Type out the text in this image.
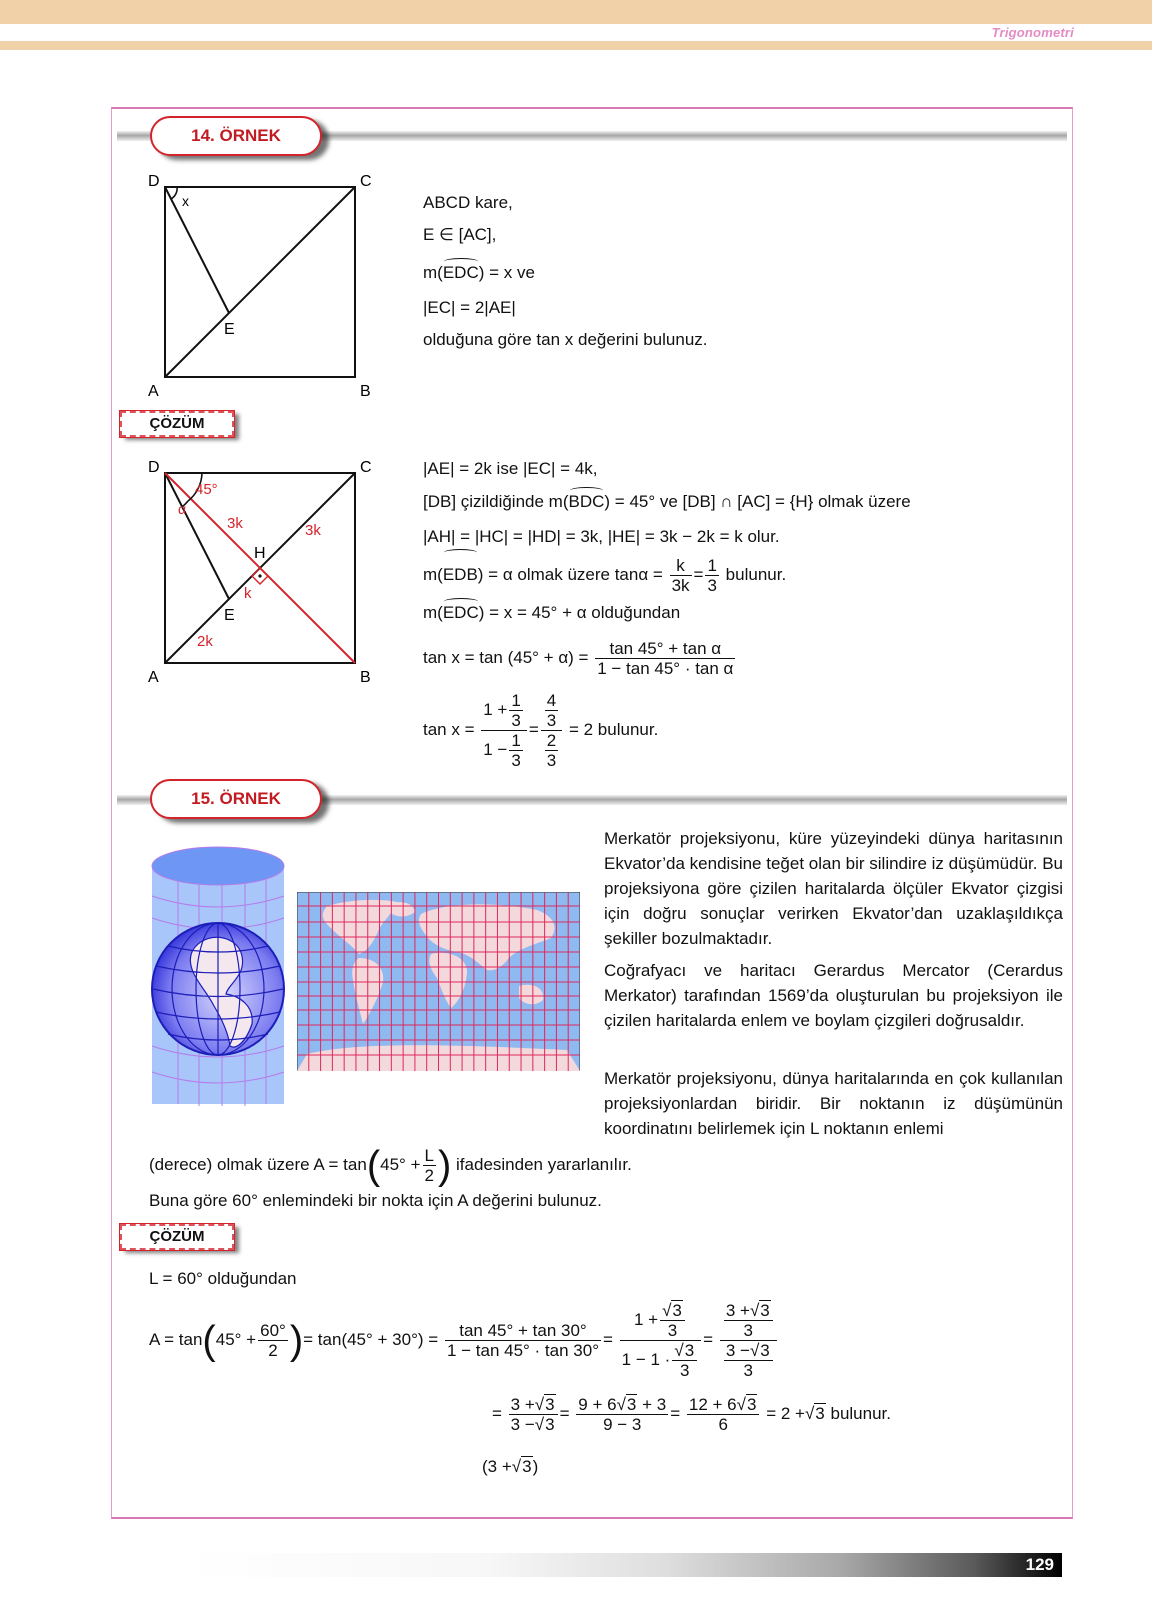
Trigonometri
14. ÖRNEK
D	C
A	B
E
x	ABCD kare,
E ∈ [AC],
m(EDC) = x ve
|EC| = 2|AE|
olduğuna göre tan x değerini bulunuz.
ÇÖZÜM
D	C
A	B
E
H
45°
α
3k	3k
k
2k
|AE| = 2k ise |EC| = 4k,
[DB] çizildiğinde m(BDC) = 45° ve [DB] ∩ [AC] = {H} olmak üzere
|AH| = |HC| = |HD| = 3k, |HE| = 3k − 2k = k olur.
m(EDB) = α olmak üzere $\tan\alpha = \frac{k}{3k} = \frac{1}{3}$ bulunur.
m(EDC) = x = 45° + α olduğundan
$\tan x = \tan (45^\circ + \alpha) = \frac{\text{tan 45° + tan α}}{\text{1 − tan 45° · tan α}}$
$\tan x = \frac{1 + \frac{1}{3}}{1 - \frac{1}{3}} = \frac{\frac{4}{3}}{\frac{2}{3}} = 2$ bulunur.
15. ÖRNEK
Merkatör projeksiyonu, küre yüzeyindeki dünya haritasının Ekvator’da kendisine teğet olan bir silindire iz düşümüdür. Bu projeksiyona göre çizilen haritalarda ölçüler Ekvator çizgisi için doğru sonuçlar verirken Ekvator’dan uzaklaşıldıkça şekiller bozulmaktadır.
Coğrafyacı ve haritacı Gerardus Mercator (Cerardus Merkator) tarafından 1569’da oluşturulan bu projeksiyon ile çizilen haritalarda enlem ve boylam çizgileri doğrusaldır.
Merkatör projeksiyonu, dünya haritalarında en çok kullanılan projeksiyonlardan biridir. Bir noktanın iz düşümünün koordinatını belirlemek için L noktanın enlemi
(derece) olmak üzere $A = \tan(45^\circ + \frac{L}{2}$ ) ifadesinden yararlanılır.
Buna göre 60° enlemindeki bir nokta için A değerini bulunuz.
ÇÖZÜM
L = 60° olduğundan
$A = \tan(45^\circ + \frac{60^\circ}{2}$ )= $\tan(45^\circ + 30^\circ) = \frac{\tan 45^\circ + \tan 30^\circ}{1 - \tan 45^\circ \cdot \tan 30^\circ} = \frac{1 + \frac{√3}{3}}{1 - 1 \cdot \frac{√3}{3}} = \frac{\frac{3 +√3}{3}}{\frac{3 -√3}{3}}$
= $\frac{3 +√3}{3 -√3} = \frac{9 + 6√3 + 3}{9 - 3} = \frac{12 + 6√3}{6} = 2 +√3$ bulunur.
(3 +√3)
129
